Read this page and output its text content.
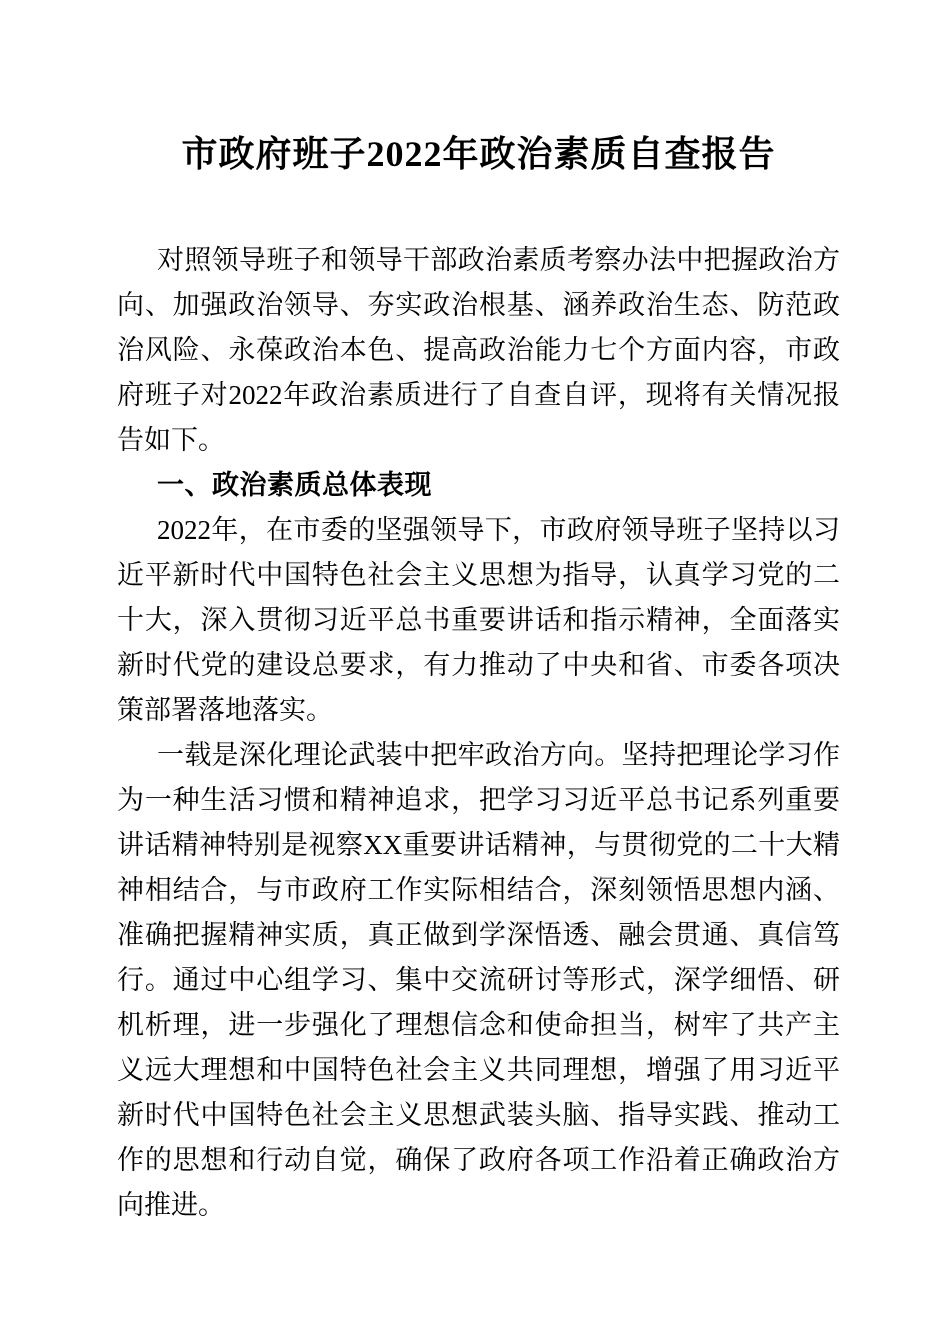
市政府班子2022年政治素质自查报告

对照领导班子和领导干部政治素质考察办法中把握政治方向、加强政治领导、夯实政治根基、涵养政治生态、防范政治风险、永葆政治本色、提高政治能力七个方面内容，市政府班子对2022年政治素质进行了自查自评，现将有关情况报告如下。

一、政治素质总体表现

2022年，在市委的坚强领导下，市政府领导班子坚持以习近平新时代中国特色社会主义思想为指导，认真学习党的二十大，深入贯彻习近平总书重要讲话和指示精神，全面落实新时代党的建设总要求，有力推动了中央和省、市委各项决策部署落地落实。

一载是深化理论武装中把牢政治方向。坚持把理论学习作为一种生活习惯和精神追求，把学习习近平总书记系列重要讲话精神特别是视察XX重要讲话精神，与贯彻党的二十大精神相结合，与市政府工作实际相结合，深刻领悟思想内涵、准确把握精神实质，真正做到学深悟透、融会贯通、真信笃行。通过中心组学习、集中交流研讨等形式，深学细悟、研机析理，进一步强化了理想信念和使命担当，树牢了共产主义远大理想和中国特色社会主义共同理想，增强了用习近平新时代中国特色社会主义思想武装头脑、指导实践、推动工作的思想和行动自觉，确保了政府各项工作沿着正确政治方向推进。
